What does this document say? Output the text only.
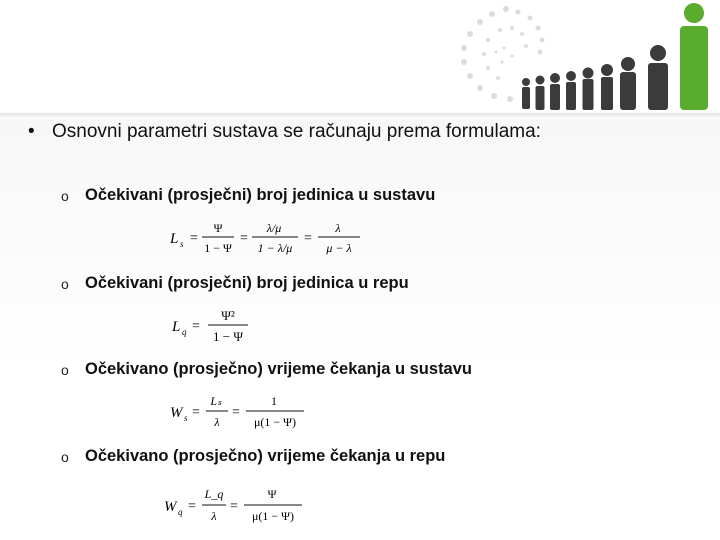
• Osnovni parametri sustava se računaju prema formulama:
o Očekivani (prosječni) broj jedinica u sustavu
L s =
Ψ
1 − Ψ
=
λ/μ
1 − λ/μ
=
λ
μ − λ
o Očekivani (prosječni) broj jedinica u repu
L q =
Ψ²
1 − Ψ
o Očekivano (prosječno) vrijeme čekanja u sustavu
W s =
Lₛ
λ
=
1
μ(1 − Ψ)
o Očekivano (prosječno) vrijeme čekanja u repu
W q =
L_q
λ
=
Ψ
μ(1 − Ψ)
